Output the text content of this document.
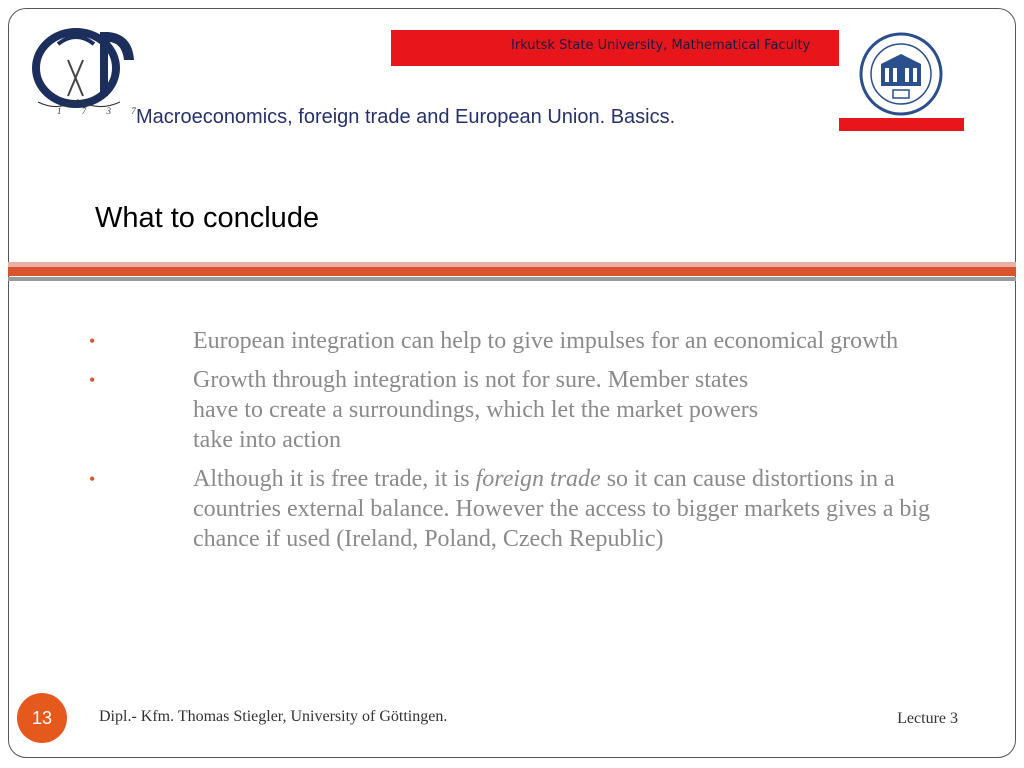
1 7 3 7
Irkutsk State University, Mathematical Faculty
Macroeconomics, foreign trade and European Union. Basics.
What to conclude
•	European integration can help to give impulses for an economical growth
•	Growth through integration is not for sure. Member states
have to create a surroundings, which let the market powers
take into action
•	Although it is free trade, it is foreign trade so it can cause distortions in a countries external balance. However the access to bigger markets gives a big chance if used (Ireland, Poland, Czech Republic)
13	Dipl.- Kfm. Thomas Stiegler, University of Göttingen.	Lecture 3
